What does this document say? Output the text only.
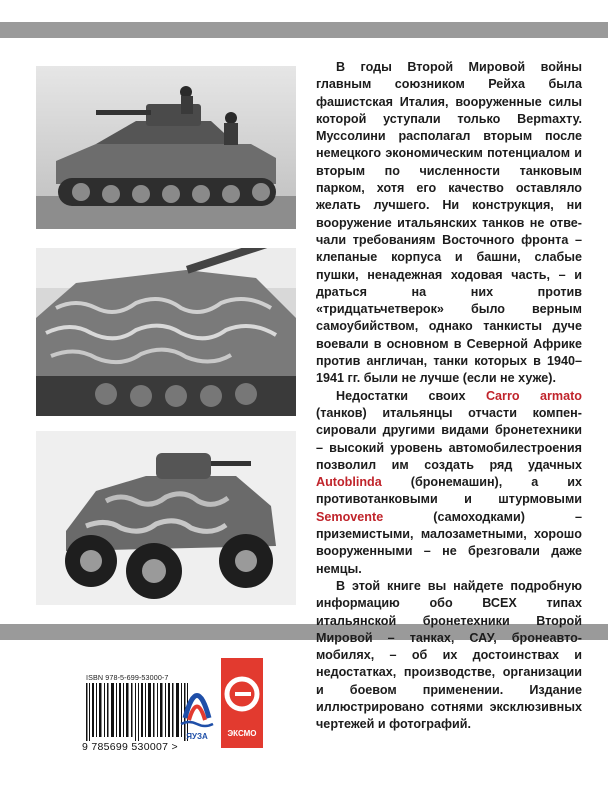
В годы Второй Мировой войны главным союзником Рейха была фашистская Италия, вооруженные силы которой уступали только Верmахту. Муссолини располагал вторым после немецкого экономическим потенциалом и вторым по численности танковым парком, хотя его качество оставляло желать лучшего. Ни конструкция, ни вооружение итальянских танков не отвечали требованиям Восточного фронта – клепаные корпуса и башни, слабые пушки, ненадежная ходовая часть, – и драться на них против «тридцатьчетверок» было верным самоубийством, однако танкисты дуче воевали в основном в Северной Африке против англичан, танки которых в 1940–1941 гг. были не лучше (если не хуже).

Недостатки своих Carro armato (танков) итальянцы отчасти компенсировали другими видами бронетехники – высокий уровень автомобилестроения позволил им создать ряд удачных Autoblinda (бронемашин), а их противотанковыми и штурмовыми Semovente (самоходками) – приземистыми, малозаметными, хорошо вооруженными – не брезговали даже немцы.

В этой книге вы найдете подробную информацию обо ВСЕХ типах итальянской бронетехники Второй Мировой – танках, САУ, бронеавтомобилях, – об их достоинствах и недостатках, производстве, организации и боевом применении. Издание иллюстрировано сотнями эксклюзивных чертежей и фотографий.

ISBN 978-5-699-53000-7
9 785699 530007 >
ЯУЗА	ЭКСМО
